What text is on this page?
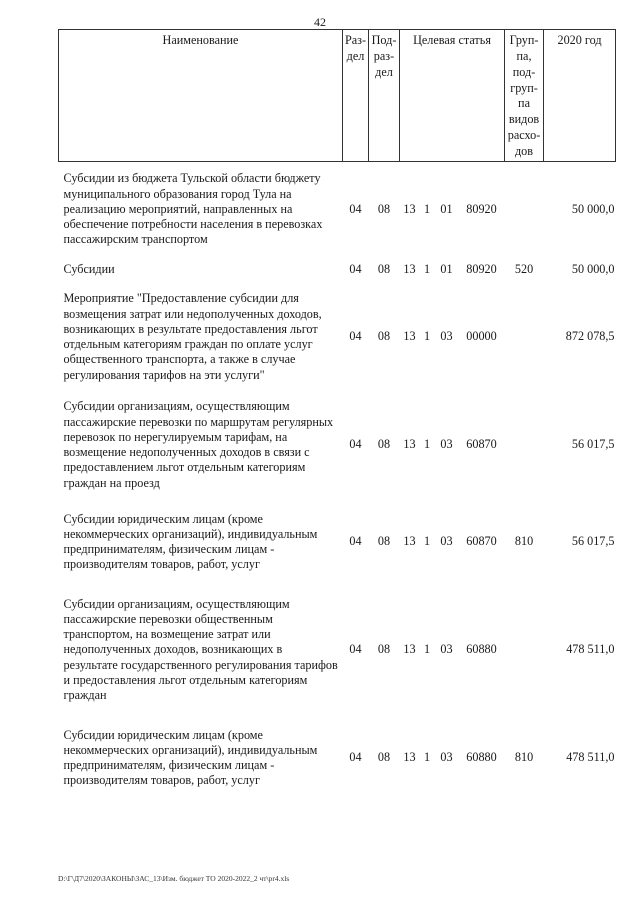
42
Наименование	Раз- дел	Под- раз- дел	Целевая статья				Груп- па, под- груп- па видов расхо- дов	2020 год
Субсидии из бюджета Тульской области бюджету муниципального образования город Тула на реализацию мероприятий, направленных на обеспечение потребности населения в перевозках пассажирским транспортом	04	08	13	1	01	80920		50 000,0
Субсидии	04	08	13	1	01	80920	520	50 000,0
Мероприятие "Предоставление субсидии для возмещения затрат или недополученных доходов, возникающих в результате предоставления льгот отдельным категориям граждан по оплате услуг общественного транспорта, а также в случае регулирования тарифов на эти услуги"	04	08	13	1	03	00000		872 078,5
Субсидии организациям, осуществляющим пассажирские перевозки по маршрутам регулярных перевозок по нерегулируемым тарифам, на возмещение недополученных доходов в связи с предоставлением льгот отдельным категориям граждан на проезд	04	08	13	1	03	60870		56 017,5
Субсидии юридическим лицам (кроме некоммерческих организаций), индивидуальным предпринимателям, физическим лицам - производителям товаров, работ, услуг	04	08	13	1	03	60870	810	56 017,5
Субсидии организациям, осуществляющим пассажирские перевозки общественным транспортом, на возмещение затрат или недополученных доходов, возникающих в результате государственного регулирования тарифов и предоставления льгот отдельным категориям граждан	04	08	13	1	03	60880		478 511,0
Субсидии юридическим лицам (кроме некоммерческих организаций), индивидуальным предпринимателям, физическим лицам - производителям товаров, работ, услуг	04	08	13	1	03	60880	810	478 511,0
D:\Г\Д7\2020\ЗАКОНЫ\ЗАС_13\Изм. бюджет ТО 2020-2022_2 чт\pr4.xls
